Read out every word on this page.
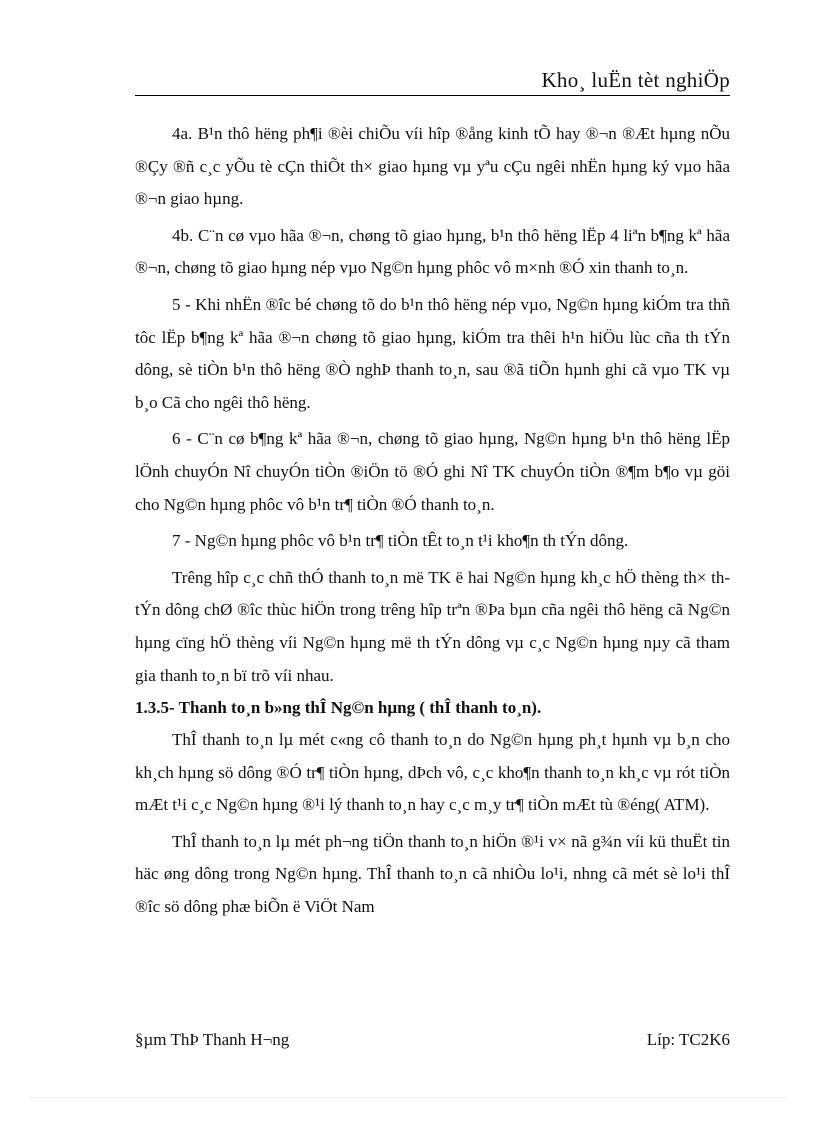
Kho¸ luËn tèt nghiÖp

4a. B¹n thô hëng ph¶i ®èi chiÕu víi hîp ®ång kinh tÕ hay ®¬n ®Æt hµng nÕu ®Çy ®ñ c¸c yÕu tè cÇn thiÕt th× giao hµng vµ yªu cÇu ngêi nhËn hµng ký vµo hãa ®¬n giao hµng.

4b. C¨n cø vµo hãa ®¬n, chøng tõ giao hµng, b¹n thô hëng lËp 4 liªn b¶ng kª hãa ®¬n, chøng tõ giao hµng nép vµo Ng©n hµng phôc vô m×nh ®Ó xin thanh to¸n.

5 - Khi nhËn ®îc bé chøng tõ do b¹n thô hëng nép vµo, Ng©n hµng kiÓm tra thñ tôc lËp b¶ng kª hãa ®¬n chøng tõ giao hµng, kiÓm tra thêi h¹n hiÖu lùc cña th tÝn dông, sè tiÒn b¹n thô hëng ®Ò nghÞ thanh to¸n, sau ®ã tiÕn hµnh ghi cã vµo TK vµ b¸o Cã cho ngêi thô hëng.

6 - C¨n cø b¶ng kª hãa ®¬n, chøng tõ giao hµng, Ng©n hµng b¹n thô hëng lËp lÖnh chuyÓn Nî chuyÓn tiÒn ®iÖn tö ®Ó ghi Nî TK chuyÓn tiÒn ®¶m b¶o vµ göi cho Ng©n hµng phôc vô b¹n tr¶ tiÒn ®Ó thanh to¸n.

7 - Ng©n hµng phôc vô b¹n tr¶ tiÒn tÊt to¸n t¹i kho¶n th tÝn dông.

Trêng hîp c¸c chñ thÓ thanh to¸n më TK ë hai Ng©n hµng kh¸c hÖ thèng th× th tÝn dông chØ ®îc thùc hiÖn trong trêng hîp trªn ®Þa bµn cña ngêi thô hëng cã Ng©n hµng cïng hÖ thèng víi Ng©n hµng më th tÝn dông vµ c¸c Ng©n hµng nµy cã tham gia thanh to¸n bï trõ víi nhau.

1.3.5- Thanh to¸n b»ng thÎ Ng©n hµng ( thÎ thanh to¸n).

ThÎ thanh to¸n lµ mét c«ng cô thanh to¸n do Ng©n hµng ph¸t hµnh vµ b¸n cho kh¸ch hµng sö dông ®Ó tr¶ tiÒn hµng, dÞch vô, c¸c kho¶n thanh to¸n kh¸c vµ rót tiÒn mÆt t¹i c¸c Ng©n hµng ®¹i lý thanh to¸n hay c¸c m¸y tr¶ tiÒn mÆt tù ®éng( ATM).

ThÎ thanh to¸n lµ mét ph¬ng tiÖn thanh to¸n hiÖn ®¹i v× nã g¾n víi kü thuËt tin häc øng dông trong Ng©n hµng. ThÎ thanh to¸n cã nhiÒu lo¹i, nhng cã mét sè lo¹i thÎ ®îc sö dông phæ biÕn ë ViÖt Nam

§µm ThÞ Thanh H¬ng	Líp: TC2K6
